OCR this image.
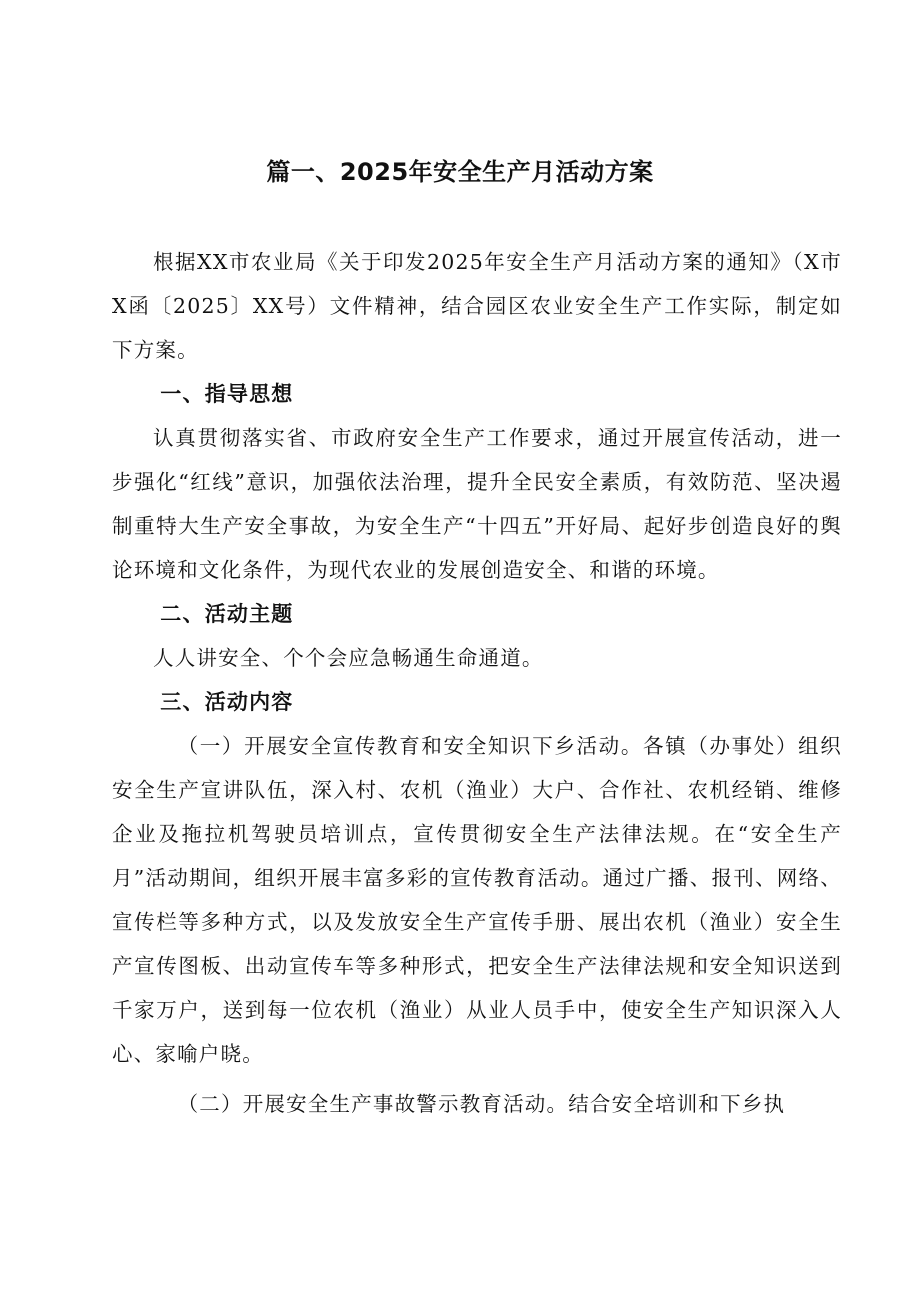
篇一、2025年安全生产月活动方案

根据XX市农业局《关于印发2025年安全生产月活动方案的通知》（X市X函〔2025〕XX号）文件精神，结合园区农业安全生产工作实际，制定如下方案。

一、指导思想

认真贯彻落实省、市政府安全生产工作要求，通过开展宣传活动，进一步强化“红线”意识，加强依法治理，提升全民安全素质，有效防范、坚决遏制重特大生产安全事故，为安全生产“十四五”开好局、起好步创造良好的舆论环境和文化条件，为现代农业的发展创造安全、和谐的环境。

二、活动主题

人人讲安全、个个会应急畅通生命通道。

三、活动内容

（一）开展安全宣传教育和安全知识下乡活动。各镇（办事处）组织安全生产宣讲队伍，深入村、农机（渔业）大户、合作社、农机经销、维修企业及拖拉机驾驶员培训点，宣传贯彻安全生产法律法规。在“安全生产月”活动期间，组织开展丰富多彩的宣传教育活动。通过广播、报刊、网络、宣传栏等多种方式，以及发放安全生产宣传手册、展出农机（渔业）安全生产宣传图板、出动宣传车等多种形式，把安全生产法律法规和安全知识送到千家万户，送到每一位农机（渔业）从业人员手中，使安全生产知识深入人心、家喻户晓。

（二）开展安全生产事故警示教育活动。结合安全培训和下乡执
